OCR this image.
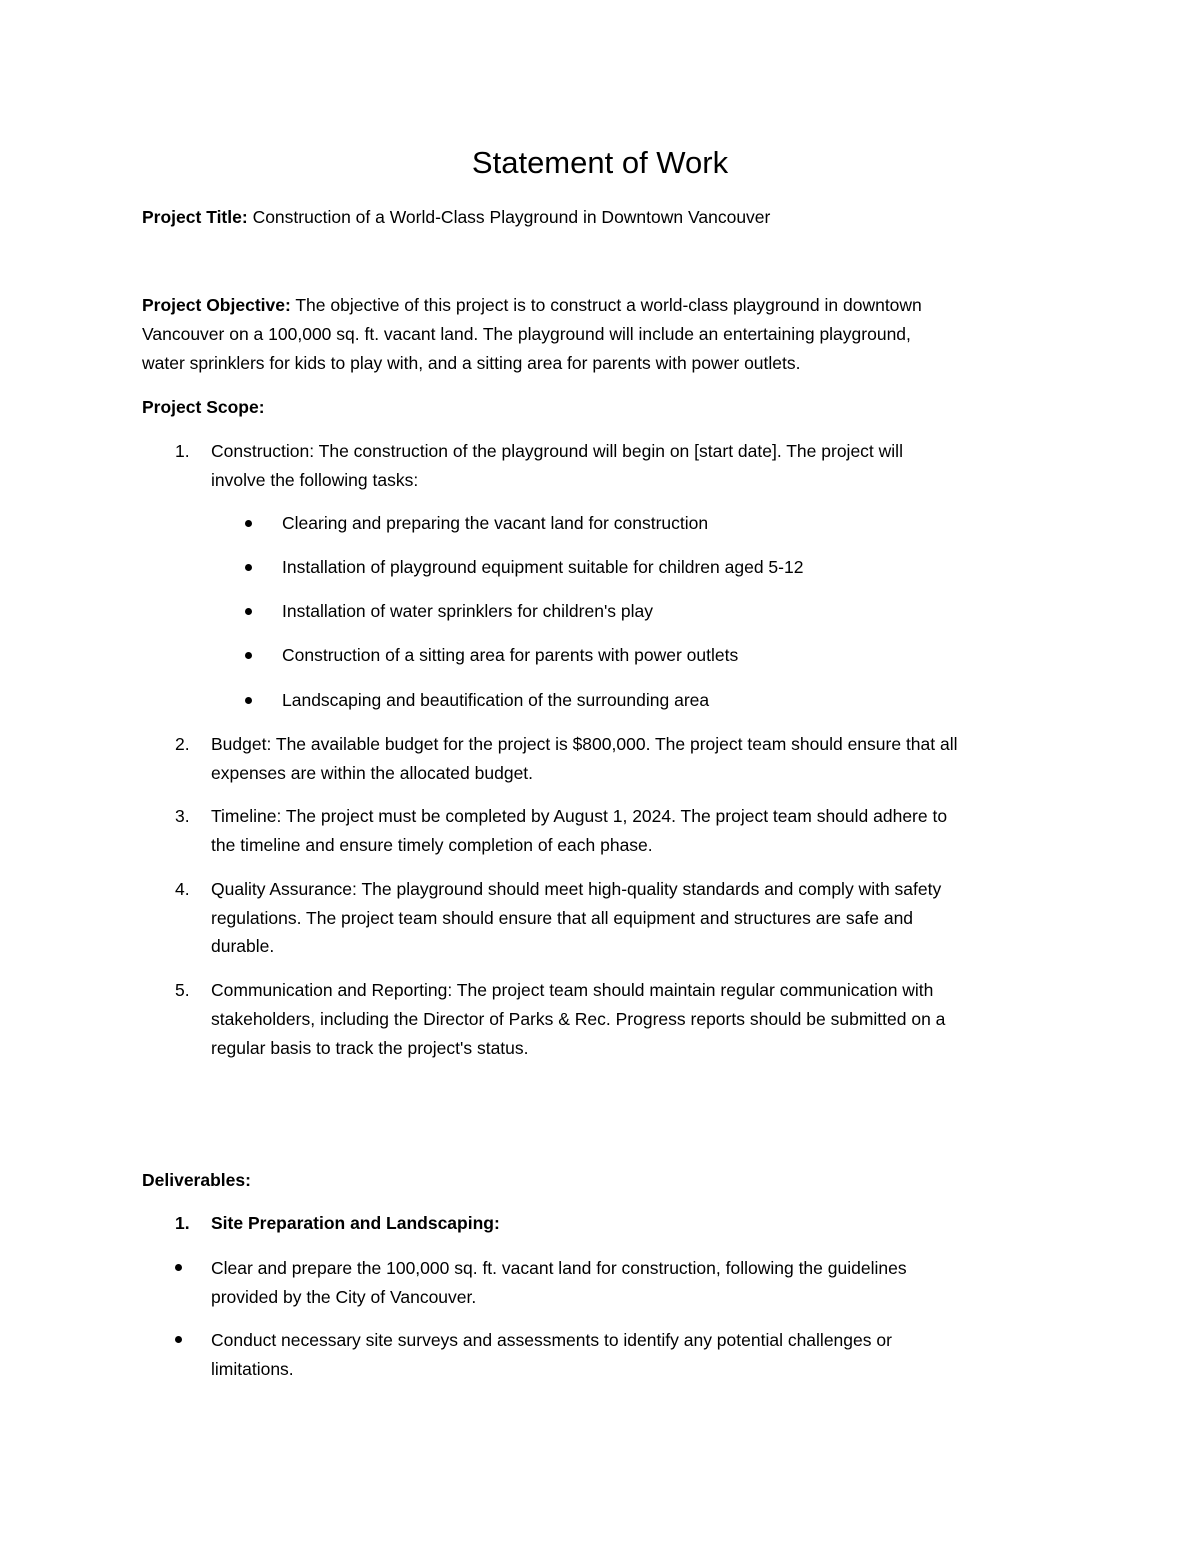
Statement of Work
Project Title: Construction of a World-Class Playground in Downtown Vancouver
Project Objective: The objective of this project is to construct a world-class playground in downtown
Vancouver on a 100,000 sq. ft. vacant land. The playground will include an entertaining playground,
water sprinklers for kids to play with, and a sitting area for parents with power outlets.
Project Scope:
1. Construction: The construction of the playground will begin on [start date]. The project will
involve the following tasks:
Clearing and preparing the vacant land for construction
Installation of playground equipment suitable for children aged 5-12
Installation of water sprinklers for children's play
Construction of a sitting area for parents with power outlets
Landscaping and beautification of the surrounding area
2. Budget: The available budget for the project is $800,000. The project team should ensure that all
expenses are within the allocated budget.
3. Timeline: The project must be completed by August 1, 2024. The project team should adhere to
the timeline and ensure timely completion of each phase.
4. Quality Assurance: The playground should meet high-quality standards and comply with safety
regulations. The project team should ensure that all equipment and structures are safe and
durable.
5. Communication and Reporting: The project team should maintain regular communication with
stakeholders, including the Director of Parks & Rec. Progress reports should be submitted on a
regular basis to track the project's status.
Deliverables:
1. Site Preparation and Landscaping:
Clear and prepare the 100,000 sq. ft. vacant land for construction, following the guidelines
provided by the City of Vancouver.
Conduct necessary site surveys and assessments to identify any potential challenges or
limitations.
